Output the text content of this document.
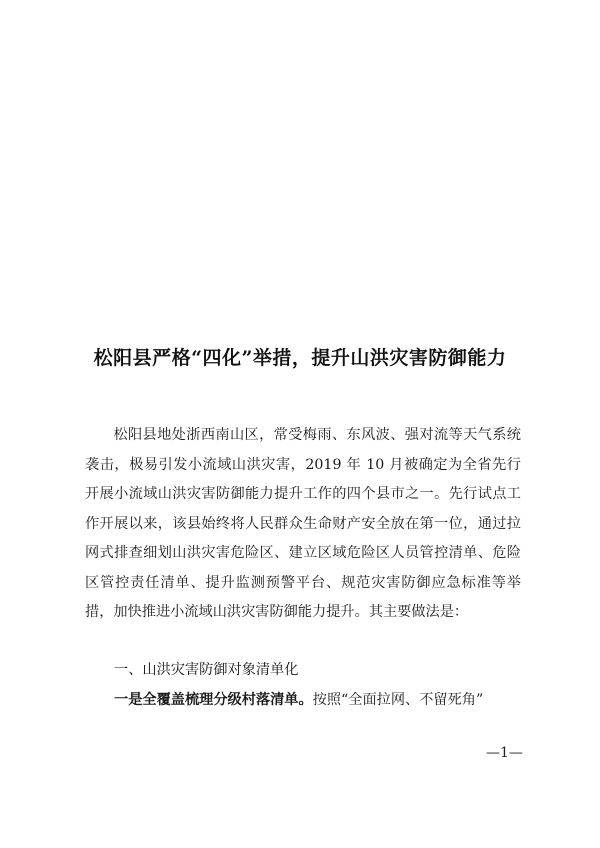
松阳县严格“四化”举措，提升山洪灾害防御能力

松阳县地处浙西南山区，常受梅雨、东风波、强对流等天气系统袭击，极易引发小流域山洪灾害，2019 年 10 月被确定为全省先行开展小流域山洪灾害防御能力提升工作的四个县市之一。先行试点工作开展以来，该县始终将人民群众生命财产安全放在第一位，通过拉网式排查细划山洪灾害危险区、建立区域危险区人员管控清单、危险区管控责任清单、提升监测预警平台、规范灾害防御应急标准等举措，加快推进小流域山洪灾害防御能力提升。其主要做法是：

一、山洪灾害防御对象清单化
一是全覆盖梳理分级村落清单。按照“全面拉网、不留死角”
—1—
